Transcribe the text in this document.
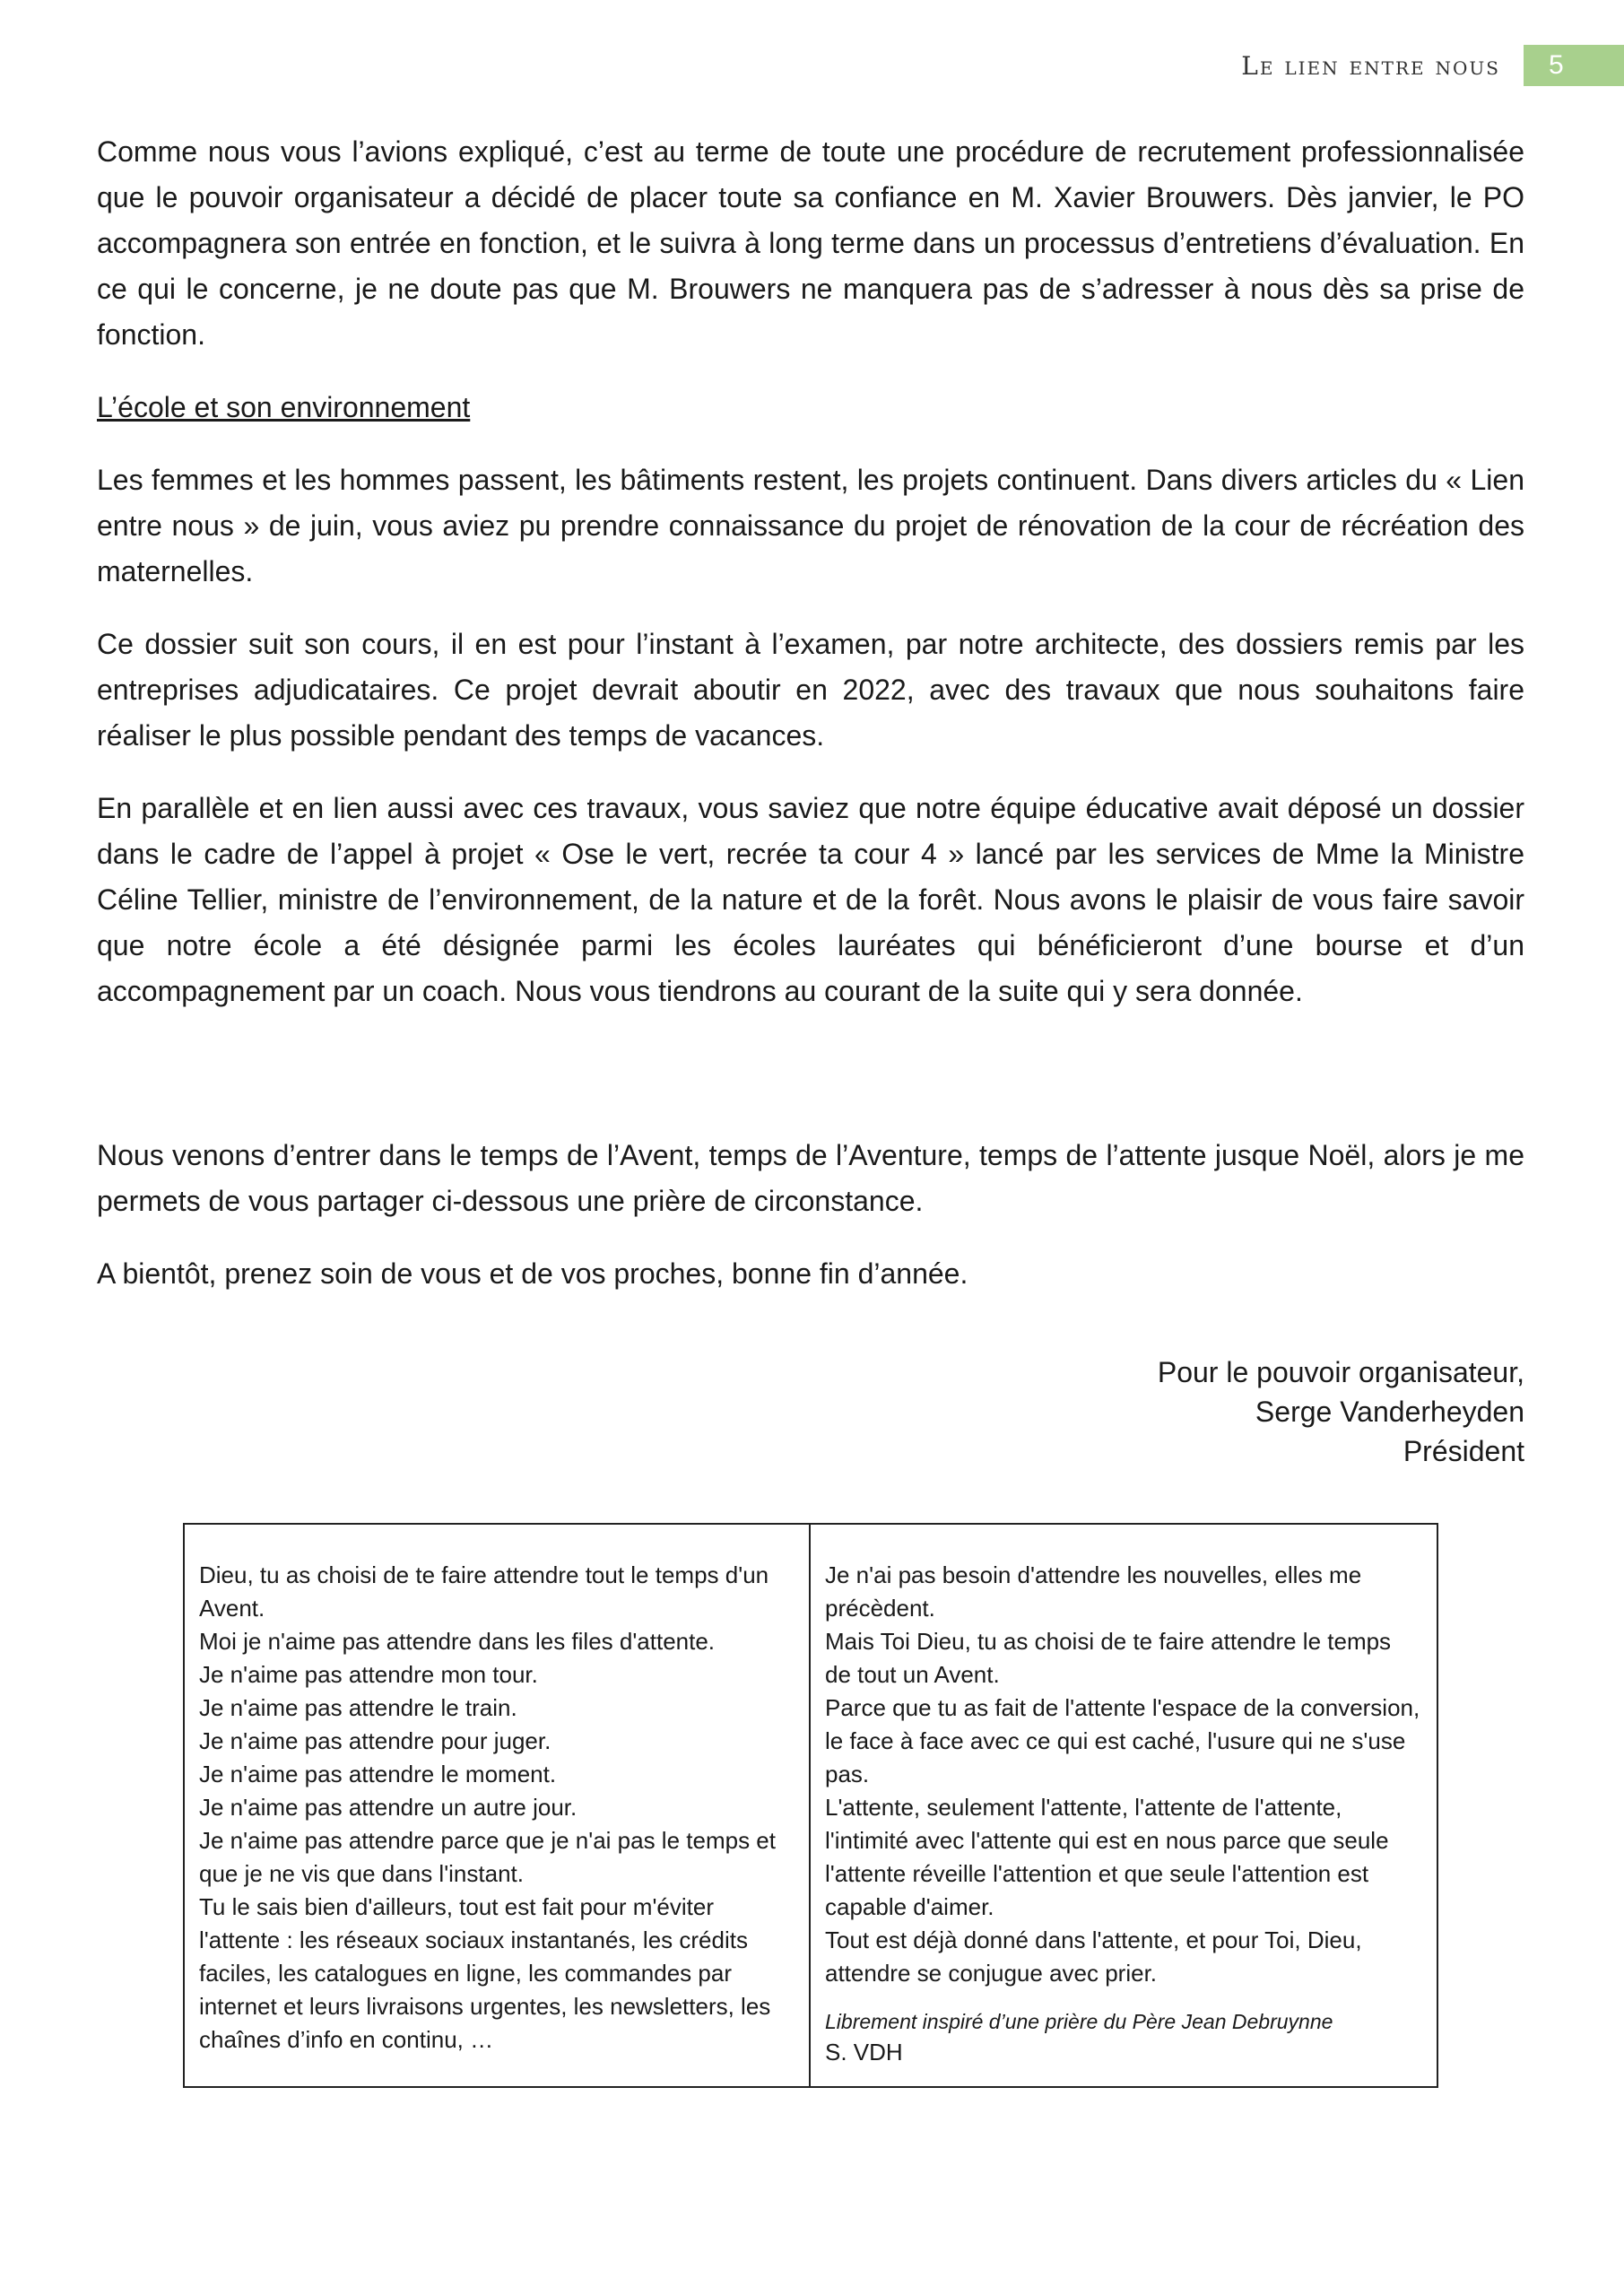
Le lien entre nous	5

Comme nous vous l’avions expliqué, c’est au terme de toute une procédure de recrutement professionnalisée que le pouvoir organisateur a décidé de placer toute sa confiance en M. Xavier Brouwers. Dès janvier, le PO accompagnera son entrée en fonction, et le suivra à long terme dans un processus d’entretiens d’évaluation. En ce qui le concerne, je ne doute pas que M. Brouwers ne manquera pas de s’adresser à nous dès sa prise de fonction.

L’école et son environnement

Les femmes et les hommes passent, les bâtiments restent, les projets continuent. Dans divers articles du « Lien entre nous » de juin, vous aviez pu prendre connaissance du projet de rénovation de la cour de récréation des maternelles.

Ce dossier suit son cours, il en est pour l’instant à l’examen, par notre architecte, des dossiers remis par les entreprises adjudicataires. Ce projet devrait aboutir en 2022, avec des travaux que nous souhaitons faire réaliser le plus possible pendant des temps de vacances.

En parallèle et en lien aussi avec ces travaux, vous saviez que notre équipe éducative avait déposé un dossier dans le cadre de l’appel à projet « Ose le vert, recrée ta cour 4 » lancé par les services de Mme la Ministre Céline Tellier, ministre de l’environnement, de la nature et de la forêt. Nous avons le plaisir de vous faire savoir que notre école a été désignée parmi les écoles lauréates qui bénéficieront d’une bourse et d’un accompagnement par un coach. Nous vous tiendrons au courant de la suite qui y sera donnée.

Nous venons d’entrer dans le temps de l’Avent, temps de l’Aventure, temps de l’attente jusque Noël, alors je me permets de vous partager ci-dessous une prière de circonstance.

A bientôt, prenez soin de vous et de vos proches, bonne fin d’année.

Pour le pouvoir organisateur,
Serge Vanderheyden
Président
Dieu, tu as choisi de te faire attendre tout le temps d'un Avent.
Moi je n'aime pas attendre dans les files d'attente.
Je n'aime pas attendre mon tour.
Je n'aime pas attendre le train.
Je n'aime pas attendre pour juger.
Je n'aime pas attendre le moment.
Je n'aime pas attendre un autre jour.
Je n'aime pas attendre parce que je n'ai pas le temps et que je ne vis que dans l'instant.
Tu le sais bien d'ailleurs, tout est fait pour m'éviter l'attente : les réseaux sociaux instantanés, les crédits faciles, les catalogues en ligne, les commandes par internet et leurs livraisons urgentes, les newsletters, les chaînes d’info en continu, …
Je n'ai pas besoin d'attendre les nouvelles, elles me précèdent.
Mais Toi Dieu, tu as choisi de te faire attendre le temps de tout un Avent.
Parce que tu as fait de l'attente l'espace de la conversion, le face à face avec ce qui est caché, l'usure qui ne s'use pas.
L'attente, seulement l'attente, l'attente de l'attente, l'intimité avec l'attente qui est en nous parce que seule l'attente réveille l'attention et que seule l'attention est capable d'aimer.
Tout est déjà donné dans l'attente, et pour Toi, Dieu, attendre se conjugue avec prier.
Librement inspiré d’une prière du Père Jean Debruynne
S. VDH
